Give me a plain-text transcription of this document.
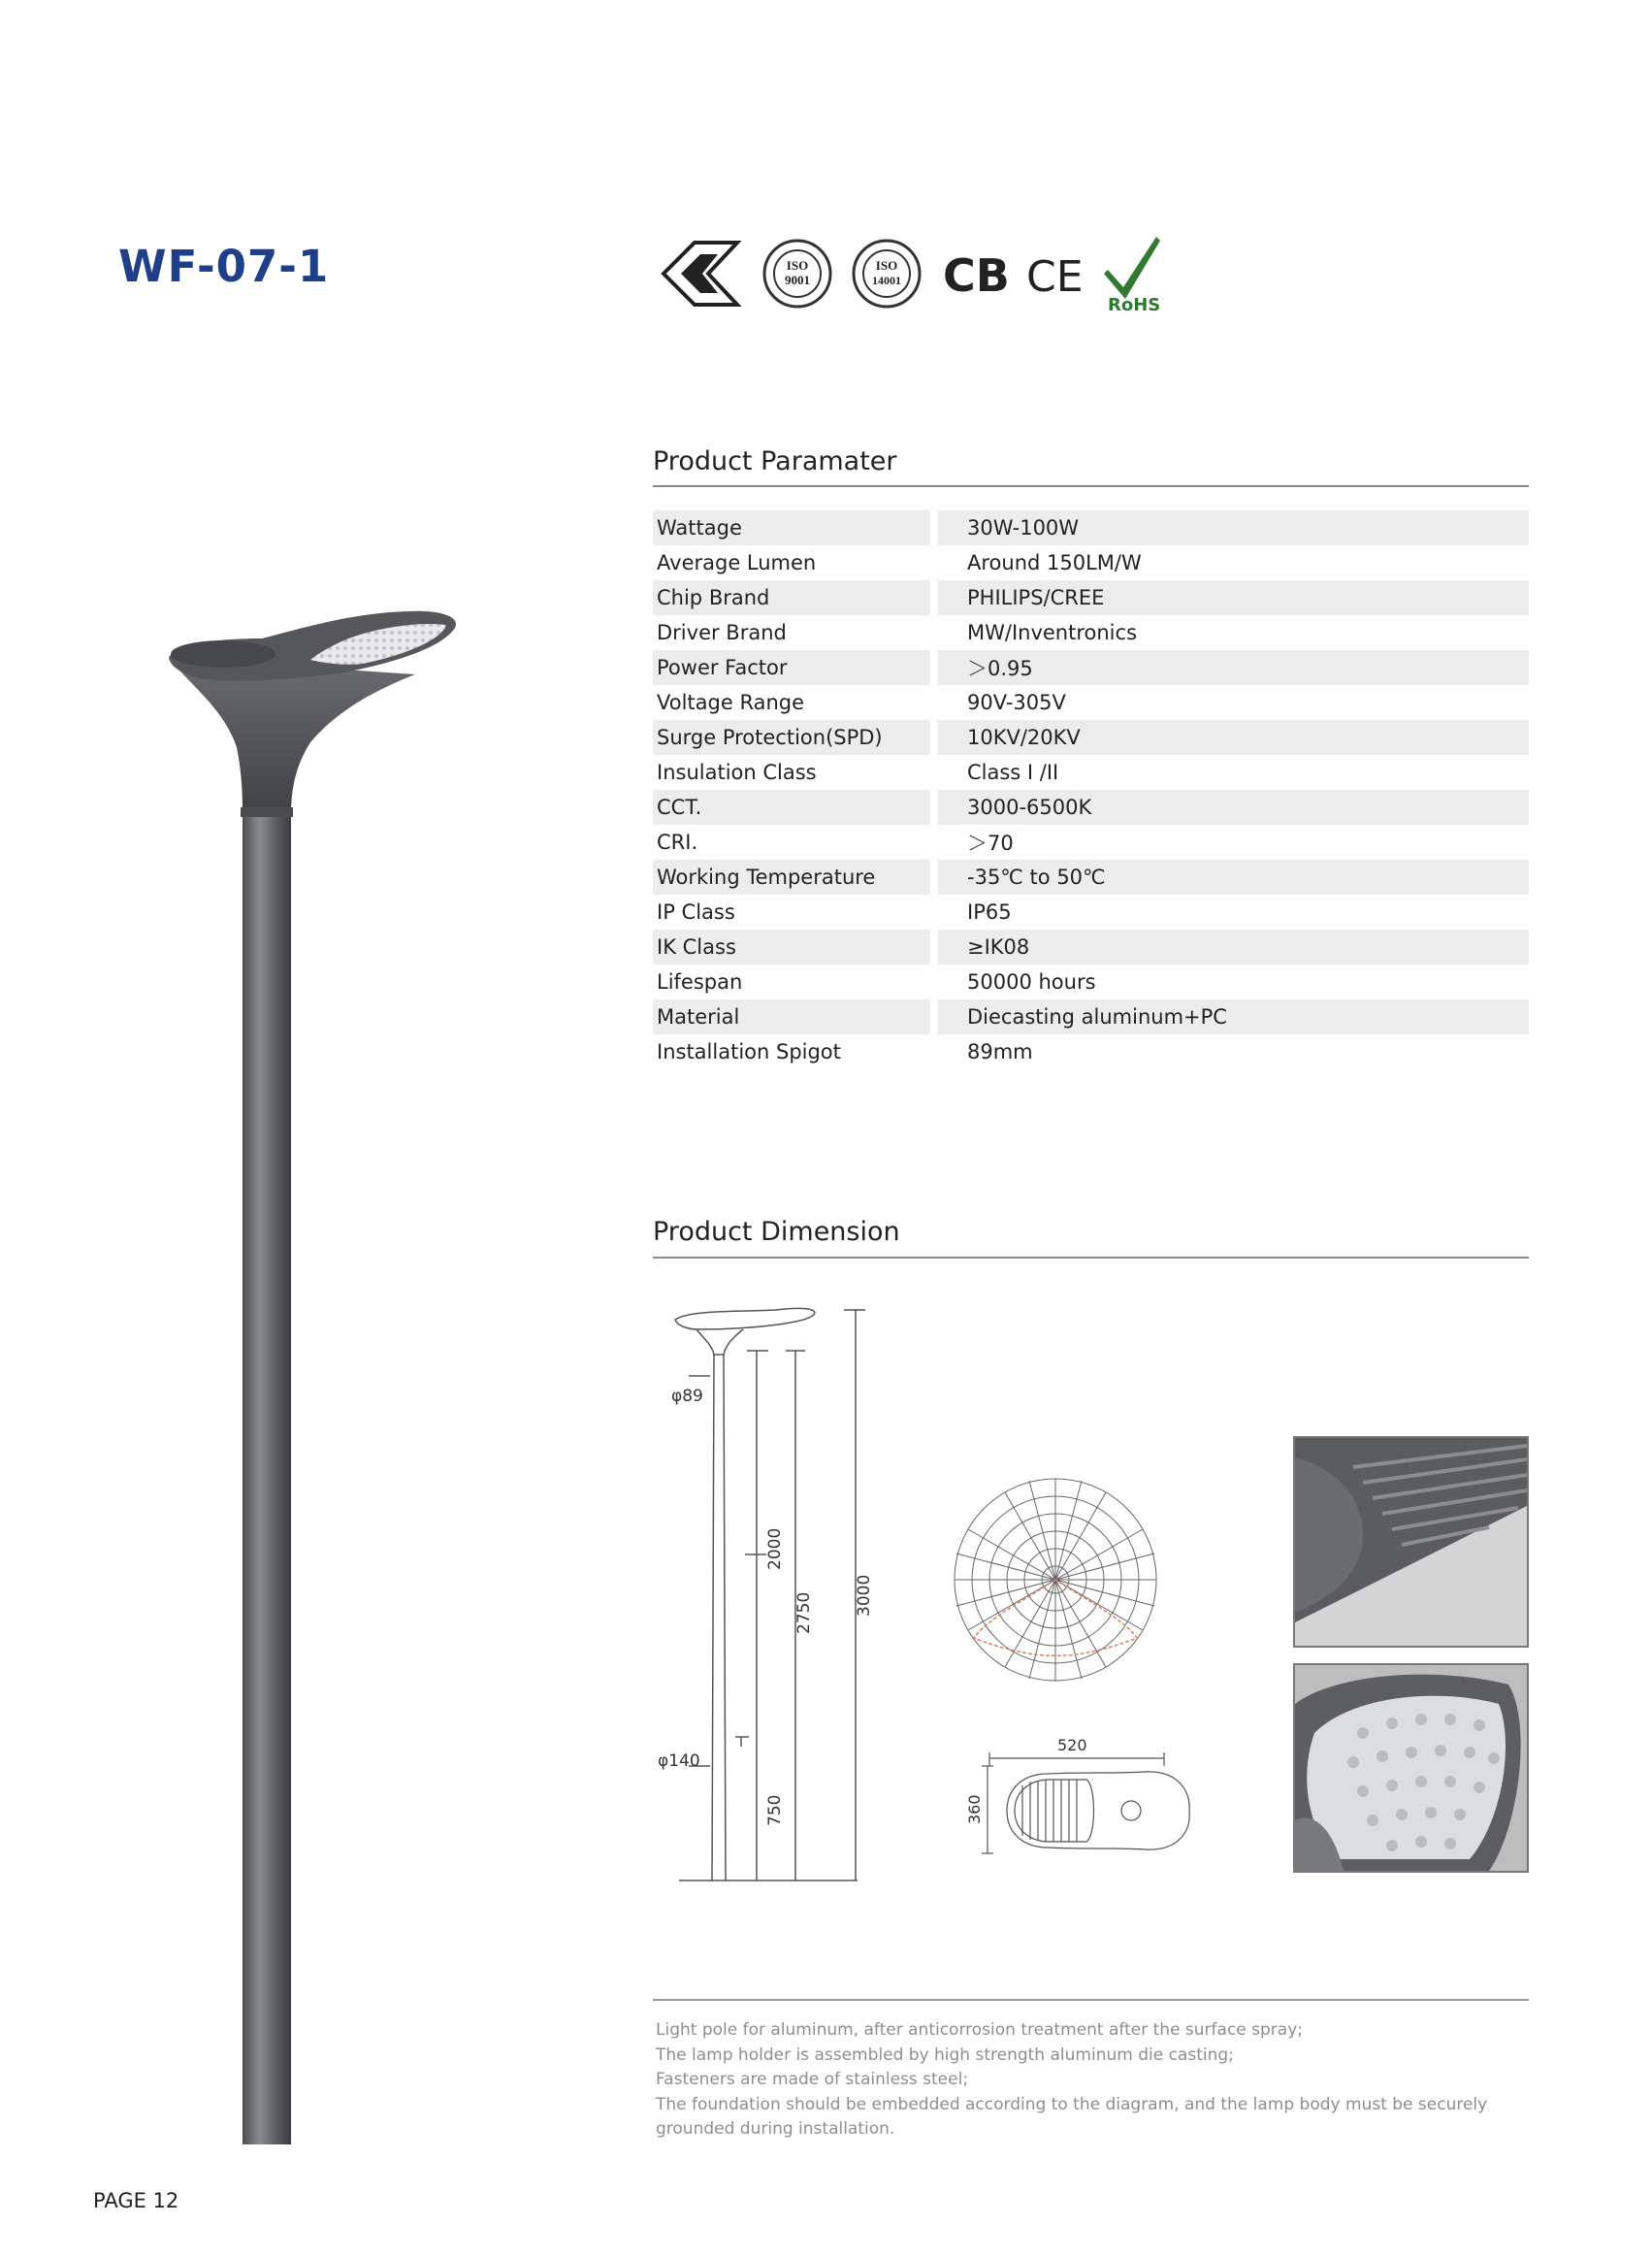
WF-07-1	ISO
9001
ISO
14001 CB CE
RoHS
Product Paramater
Wattage		30W-100W
Average Lumen		Around 150LM/W
Chip Brand		PHILIPS/CREE
Driver Brand		MW/Inventronics
Power Factor		＞0.95
Voltage Range		90V-305V
Surge Protection(SPD)		10KV/20KV
Insulation Class		Class I /II
CCT.		3000-6500K
CRI.		＞70
Working Temperature		-35℃ to 50℃
IP Class		IP65
IK Class		≥IK08
Lifespan		50000 hours
Material		Diecasting aluminum+PC
Installation Spigot		89mm
Product Dimension
φ89
φ140
2000
2750 3000
750
520
360
Light pole for aluminum, after anticorrosion treatment after the surface spray;
The lamp holder is assembled by high strength aluminum die casting;
Fasteners are made of stainless steel;
The foundation should be embedded according to the diagram, and the lamp body must be securely
grounded during installation.
PAGE 12
